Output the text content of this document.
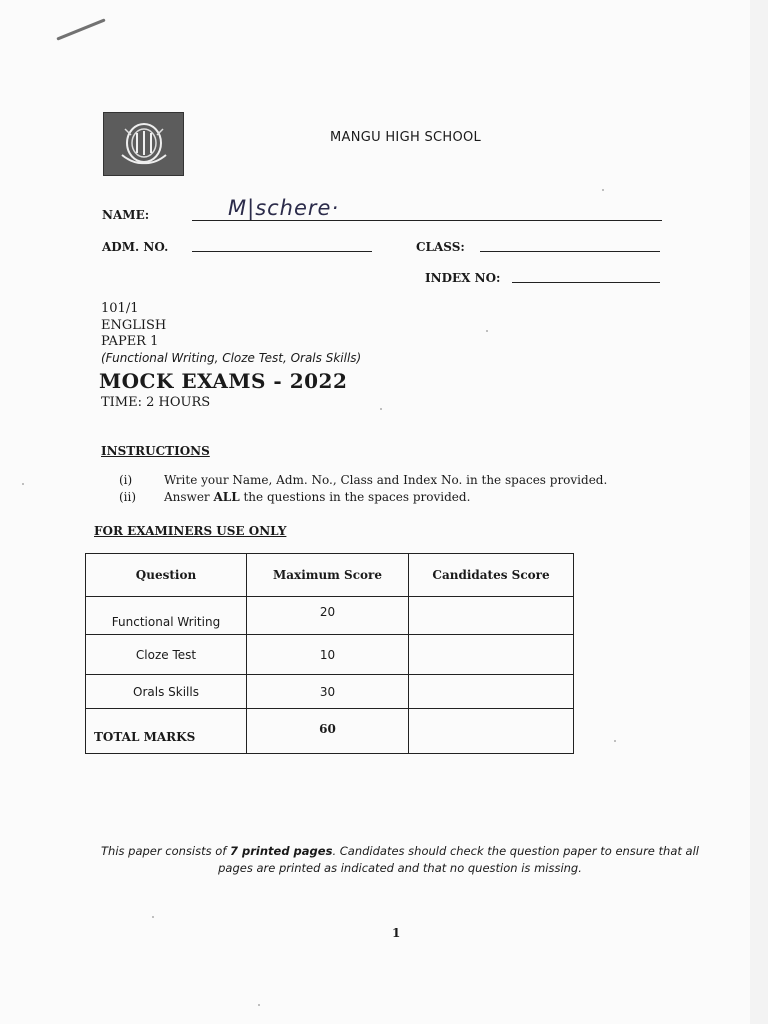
MANGU HIGH SCHOOL
NAME:	M|schere·
ADM. NO.	CLASS:
INDEX NO:
101/1
ENGLISH
PAPER 1
(Functional Writing, Cloze Test, Orals Skills)
MOCK EXAMS - 2022
TIME: 2 HOURS
INSTRUCTIONS
(i)	Write your Name, Adm. No., Class and Index No. in the spaces provided.
(ii) Answer ALL the questions in the spaces provided.
FOR EXAMINERS USE ONLY
Question	Maximum Score	Candidates Score
Functional Writing	20	
Cloze Test	10	
Orals Skills	30	
TOTAL MARKS	60	
This paper consists of 7 printed pages. Candidates should check the question paper to ensure that all pages are printed as indicated and that no question is missing.
1
